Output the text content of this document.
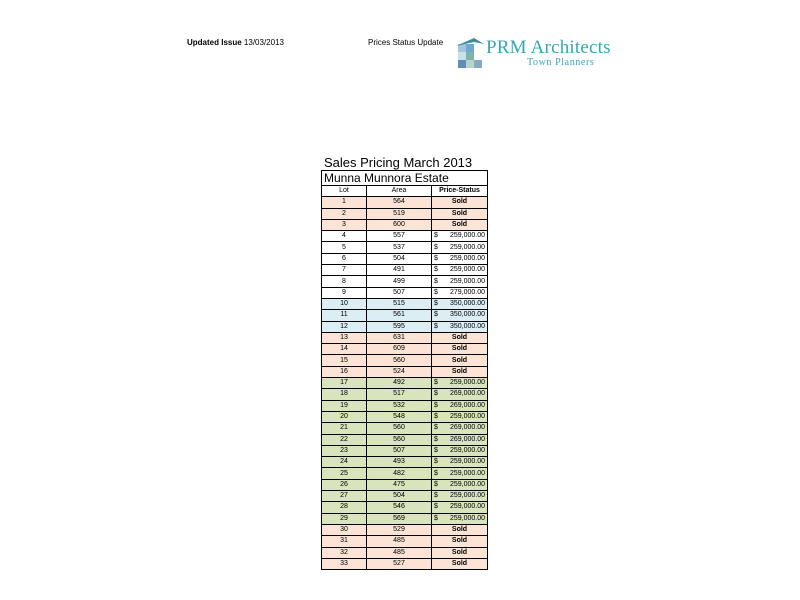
Updated Issue 13/03/2013	Prices Status Update PRM Architects
Town Planners
Sales Pricing March 2013
Munna Munnora Estate		
Lot	Area	Price-Status
1	564	Sold
2	519	Sold
3	600	Sold
4	557	$ 259,000.00

5	537	$ 259,000.00

6	504	$ 259,000.00

7	491	$ 259,000.00

8	499	$ 259,000.00

9	507	$ 279,000.00

10	515	$ 350,000.00

11	561	$ 350,000.00

12	595	$ 350,000.00

13	631	Sold
14	609	Sold
15	560	Sold
16	524	Sold
17	492	$ 259,000.00

18	517	$ 269,000.00

19	532	$ 269,000.00

20	548	$ 259,000.00

21	560	$ 269,000.00

22	560	$ 269,000.00

23	507	$ 259,000.00

24	493	$ 259,000.00

25	482	$ 259,000.00

26	475	$ 259,000.00

27	504	$ 259,000.00

28	546	$ 259,000.00

29	569	$ 259,000.00

30	529	Sold
31	485	Sold
32	485	Sold
33	527	Sold
